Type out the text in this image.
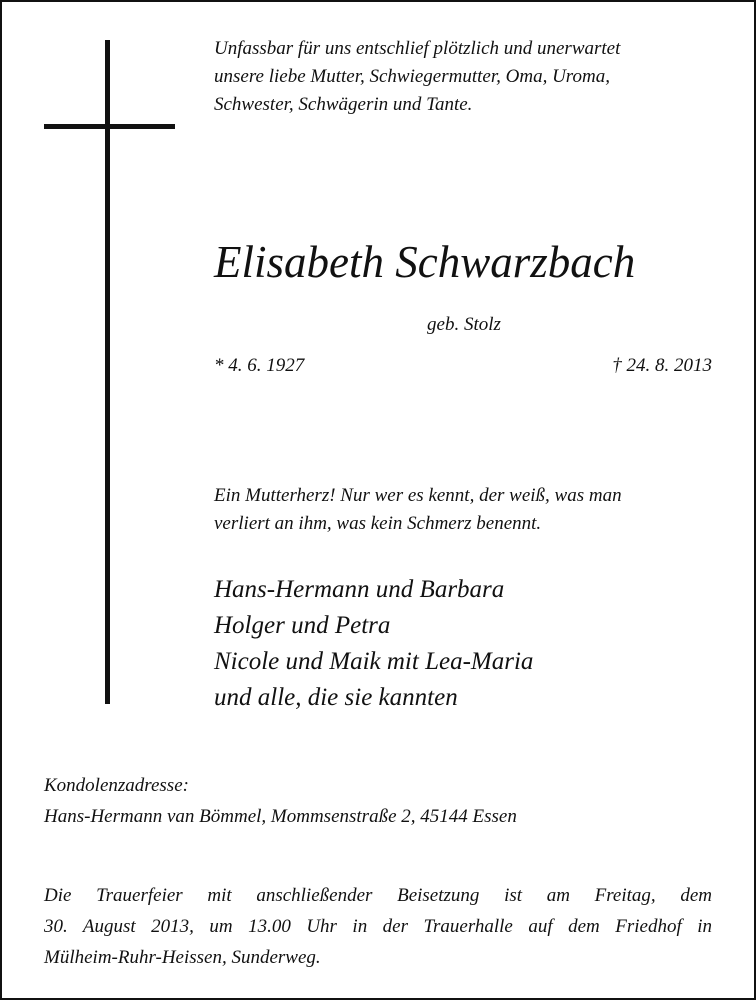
Unfassbar für uns entschlief plötzlich und unerwartet
unsere liebe Mutter, Schwiegermutter, Oma, Uroma,
Schwester, Schwägerin und Tante.
Elisabeth Schwarzbach
geb. Stolz
* 4. 6. 1927	† 24. 8. 2013
Ein Mutterherz! Nur wer es kennt, der weiß, was man
verliert an ihm, was kein Schmerz benennt.
Hans-Hermann und Barbara
Holger und Petra
Nicole und Maik mit Lea-Maria
und alle, die sie kannten
Kondolenzadresse:
Hans-Hermann van Bömmel, Mommsenstraße 2, 45144 Essen
Die Trauerfeier mit anschließender Beisetzung ist am Freitag, dem
30. August 2013, um 13.00 Uhr in der Trauerhalle auf dem Friedhof in
Mülheim-Ruhr-Heissen, Sunderweg.
